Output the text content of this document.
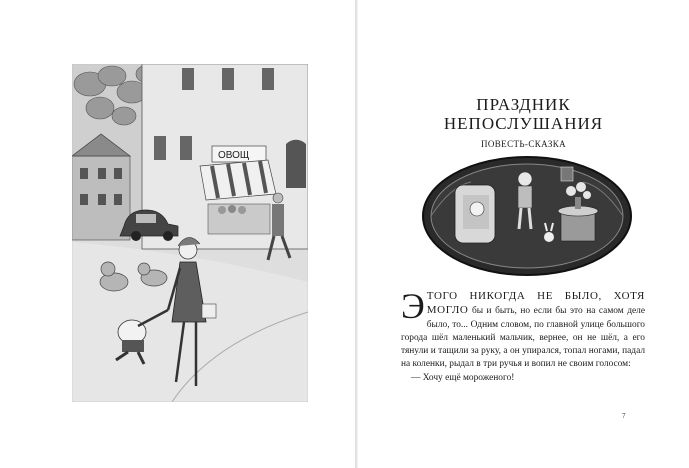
ОВОЩ
ПРАЗДНИК
НЕПОСЛУШАНИЯ
ПОВЕСТЬ-СКАЗКА

Э ТОГО НИКОГДА НЕ БЫЛО, ХОТЯ МОГЛО бы и быть, но если бы это на самом деле было, то... Одним словом, по главной улице большого города шёл маленький мальчик, вернее, он не шёл, а его тянули и тащили за руку, а он упирался, топал ногами, падал на коленки, рыдал в три ручья и вопил не своим голосом:

— Хочу ещё мороженого!

7
